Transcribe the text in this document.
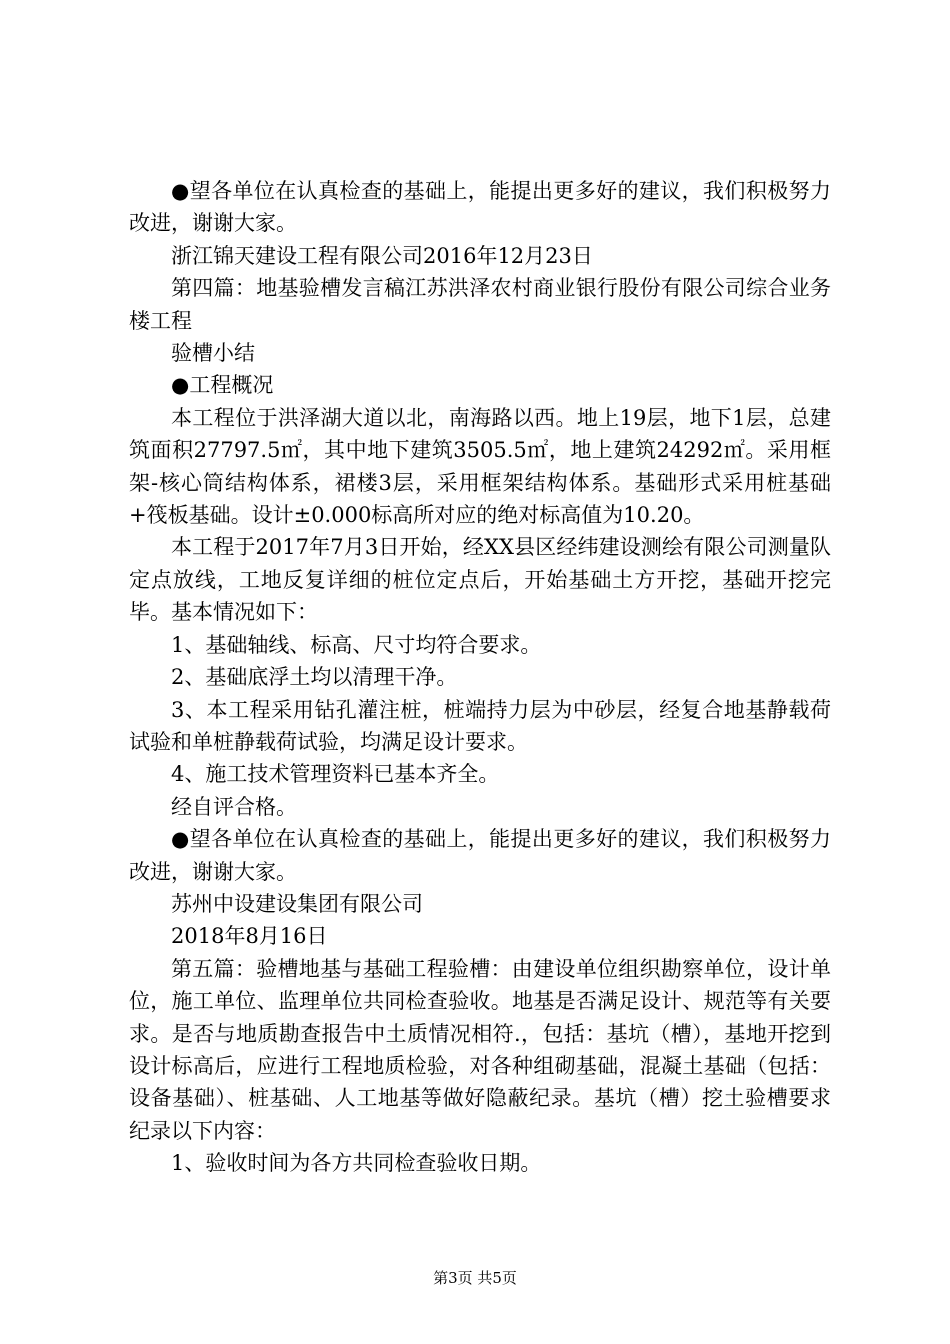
●望各单位在认真检查的基础上，能提出更多好的建议，我们积极努力改进，谢谢大家。

浙江锦天建设工程有限公司2016年12月23日

第四篇：地基验槽发言稿江苏洪泽农村商业银行股份有限公司综合业务楼工程

验槽小结

●工程概况

本工程位于洪泽湖大道以北，南海路以西。地上19层，地下1层，总建筑面积27797.5㎡，其中地下建筑3505.5㎡，地上建筑24292㎡。采用框架-核心筒结构体系，裙楼3层，采用框架结构体系。基础形式采用桩基础+筏板基础。设计±0.000标高所对应的绝对标高值为10.20。

本工程于2017年7月3日开始，经XX县区经纬建设测绘有限公司测量队定点放线，工地反复详细的桩位定点后，开始基础土方开挖，基础开挖完毕。基本情况如下：

1、基础轴线、标高、尺寸均符合要求。

2、基础底浮土均以清理干净。

3、本工程采用钻孔灌注桩，桩端持力层为中砂层，经复合地基静载荷试验和单桩静载荷试验，均满足设计要求。

4、施工技术管理资料已基本齐全。

经自评合格。

●望各单位在认真检查的基础上，能提出更多好的建议，我们积极努力改进，谢谢大家。

苏州中设建设集团有限公司

2018年8月16日

第五篇：验槽地基与基础工程验槽：由建设单位组织勘察单位，设计单位，施工单位、监理单位共同检查验收。地基是否满足设计、规范等有关要求。是否与地质勘查报告中土质情况相符.，包括：基坑（槽），基地开挖到设计标高后，应进行工程地质检验，对各种组砌基础，混凝土基础（包括：设备基础）、桩基础、人工地基等做好隐蔽纪录。基坑（槽）挖土验槽要求纪录以下内容：

1、验收时间为各方共同检查验收日期。

第3页 共5页
